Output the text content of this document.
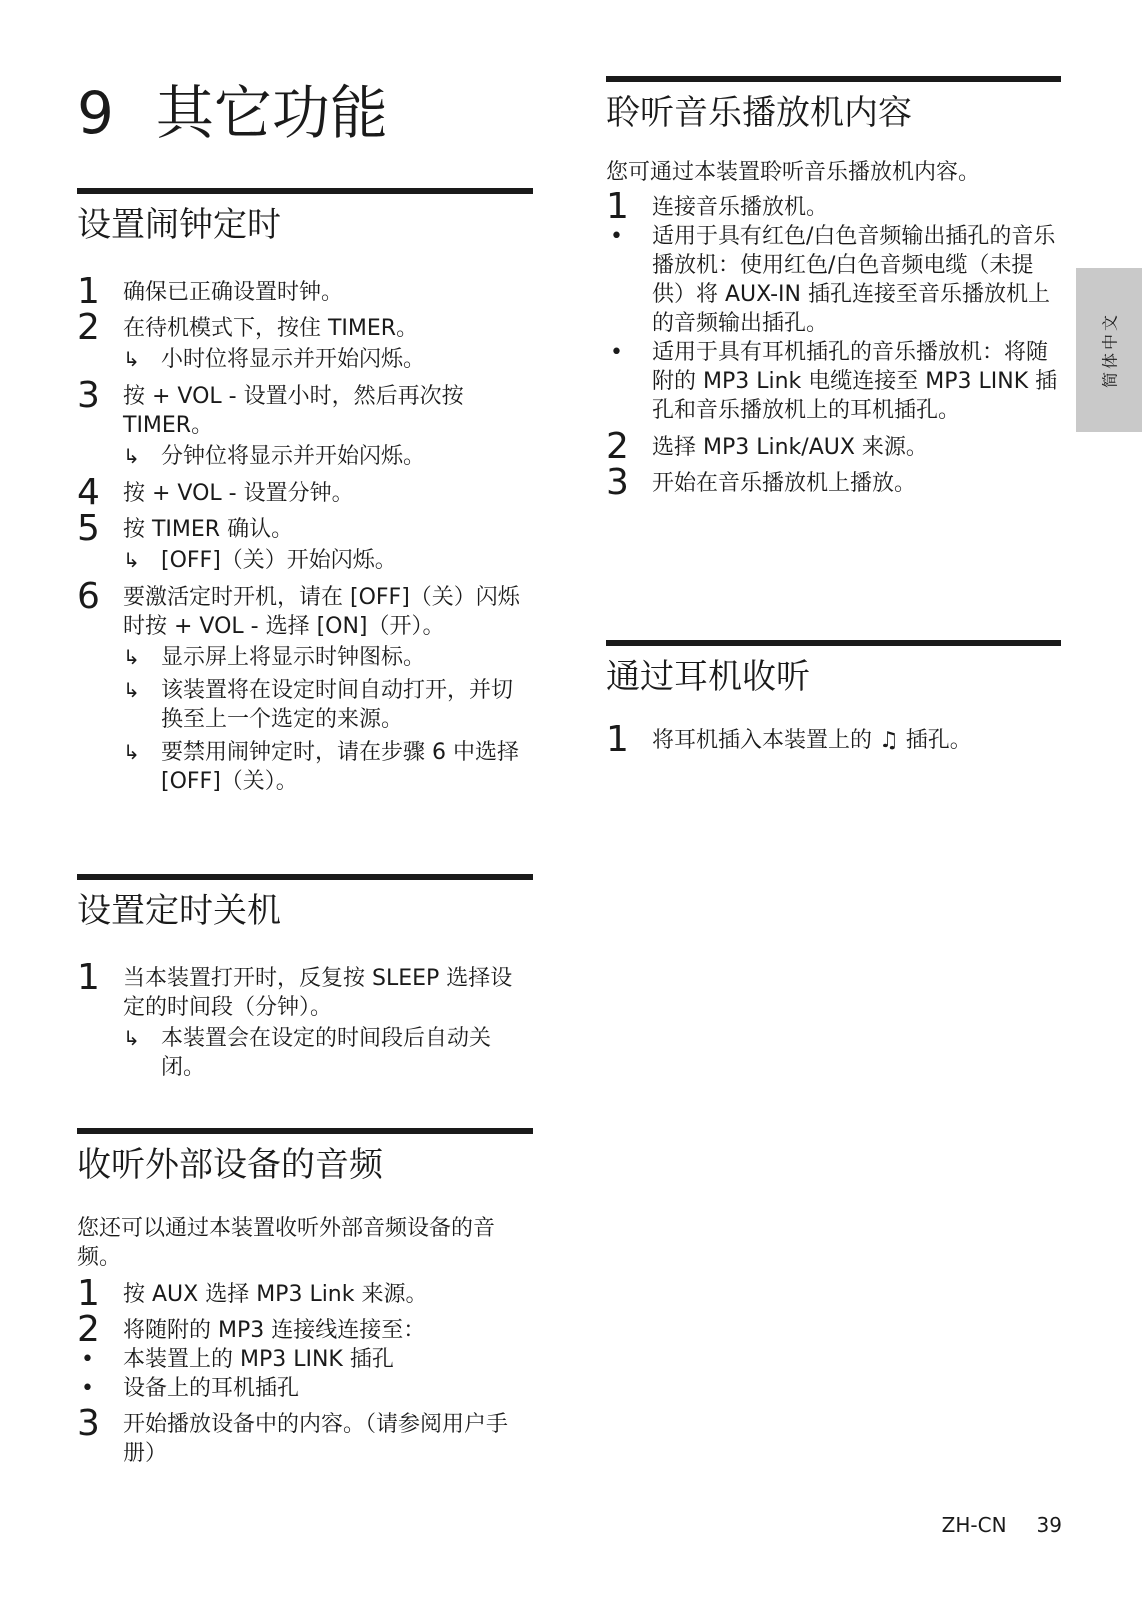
9 其它功能
设置闹钟定时
1 确保已正确设置时钟。
2 在待机模式下，按住 TIMER。
↳ 小时位将显示并开始闪烁。
3 按 + VOL - 设置小时，然后再次按 TIMER。
↳ 分钟位将显示并开始闪烁。
4 按 + VOL - 设置分钟。
5 按 TIMER 确认。
↳ [OFF]（关）开始闪烁。
6 要激活定时开机，请在 [OFF]（关）闪烁时按 + VOL - 选择 [ON]（开）。
↳ 显示屏上将显示时钟图标。
↳ 该装置将在设定时间自动打开，并切换至上一个选定的来源。
↳ 要禁用闹钟定时，请在步骤 6 中选择 [OFF]（关）。
设置定时关机
1 当本装置打开时，反复按 SLEEP 选择设定的时间段（分钟）。
↳ 本装置会在设定的时间段后自动关闭。
收听外部设备的音频
您还可以通过本装置收听外部音频设备的音频。
1 按 AUX 选择 MP3 Link 来源。
2 将随附的 MP3 连接线连接至：
• 本装置上的 MP3 LINK 插孔
• 设备上的耳机插孔
3 开始播放设备中的内容。（请参阅用户手册）
聆听音乐播放机内容
您可通过本装置聆听音乐播放机内容。
1 连接音乐播放机。
• 适用于具有红色/白色音频输出插孔的音乐播放机：使用红色/白色音频电缆（未提供）将 AUX-IN 插孔连接至音乐播放机上的音频输出插孔。
• 适用于具有耳机插孔的音乐播放机：将随附的 MP3 Link 电缆连接至 MP3 LINK 插孔和音乐播放机上的耳机插孔。
2 选择 MP3 Link/AUX 来源。
3 开始在音乐播放机上播放。
通过耳机收听
1 将耳机插入本装置上的 ♫ 插孔。
简体中文
ZH-CN 39
